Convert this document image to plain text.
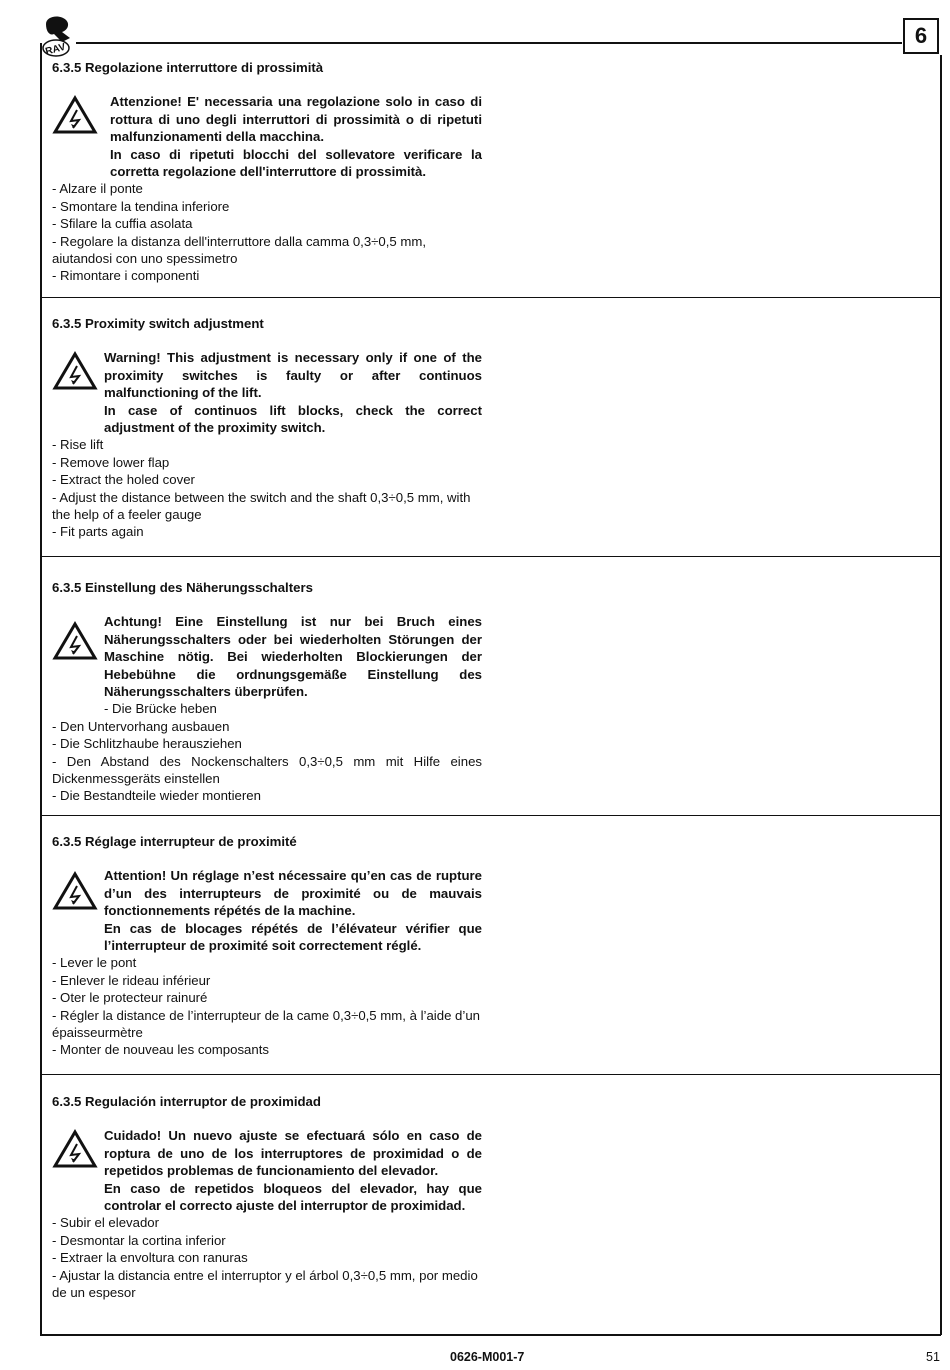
RAV
6
6.3.5 Regolazione interruttore di prossimità

Attenzione! E' necessaria una regolazione solo in caso di rottura di uno degli interruttori di prossimità o di ripetuti malfunzionamenti della macchina.

In caso di ripetuti blocchi del sollevatore verificare la corretta regolazione dell'interruttore di prossimità.

- Alzare il ponte
- Smontare la tendina inferiore
- Sfilare la cuffia asolata
- Regolare la distanza dell'interruttore dalla camma 0,3÷0,5 mm, aiutandosi con uno spessimetro
- Rimontare i componenti
6.3.5 Proximity switch adjustment

Warning! This adjustment is necessary only if one of the proximity switches is faulty or after continuos malfunctioning of the lift.

In case of continuos lift blocks, check the correct adjustment of the proximity switch.

- Rise lift
- Remove lower flap
- Extract the holed cover
- Adjust the distance between the switch and the shaft 0,3÷0,5 mm, with the help of a feeler gauge
- Fit parts again
6.3.5 Einstellung des Näherungsschalters

Achtung! Eine Einstellung ist nur bei Bruch eines Näherungsschalters oder bei wiederholten Störungen der Maschine nötig. Bei wiederholten Blockierungen der Hebebühne die ordnungsgemäße Einstellung des Näherungsschalters überprüfen.

- Die Brücke heben

- Den Untervorhang ausbauen
- Die Schlitzhaube herausziehen
- Den Abstand des Nockenschalters 0,3÷0,5 mm mit Hilfe eines Dickenmessgeräts einstellen
- Die Bestandteile wieder montieren
6.3.5 Réglage interrupteur de proximité

Attention! Un réglage n’est nécessaire qu’en cas de rupture d’un des interrupteurs de proximité ou de mauvais fonctionnements répétés de la machine.

En cas de blocages répétés de l’élévateur vérifier que l’interrupteur de proximité soit correctement réglé.

- Lever le pont
- Enlever le rideau inférieur
- Oter le protecteur rainuré
- Régler la distance de l’interrupteur de la came 0,3÷0,5 mm, à l’aide d’un épaisseurmètre
- Monter de nouveau les composants
6.3.5 Regulación interruptor de proximidad

Cuidado! Un nuevo ajuste se efectuará sólo en caso de roptura de uno de los interruptores de proximidad o de repetidos problemas de funcionamiento del elevador.

En caso de repetidos bloqueos del elevador, hay que controlar el correcto ajuste del interruptor de proximidad.

- Subir el elevador
- Desmontar la cortina inferior
- Extraer la envoltura con ranuras
- Ajustar la distancia entre el interruptor y el árbol 0,3÷0,5 mm, por medio de un espesor
0626-M001-7	51
